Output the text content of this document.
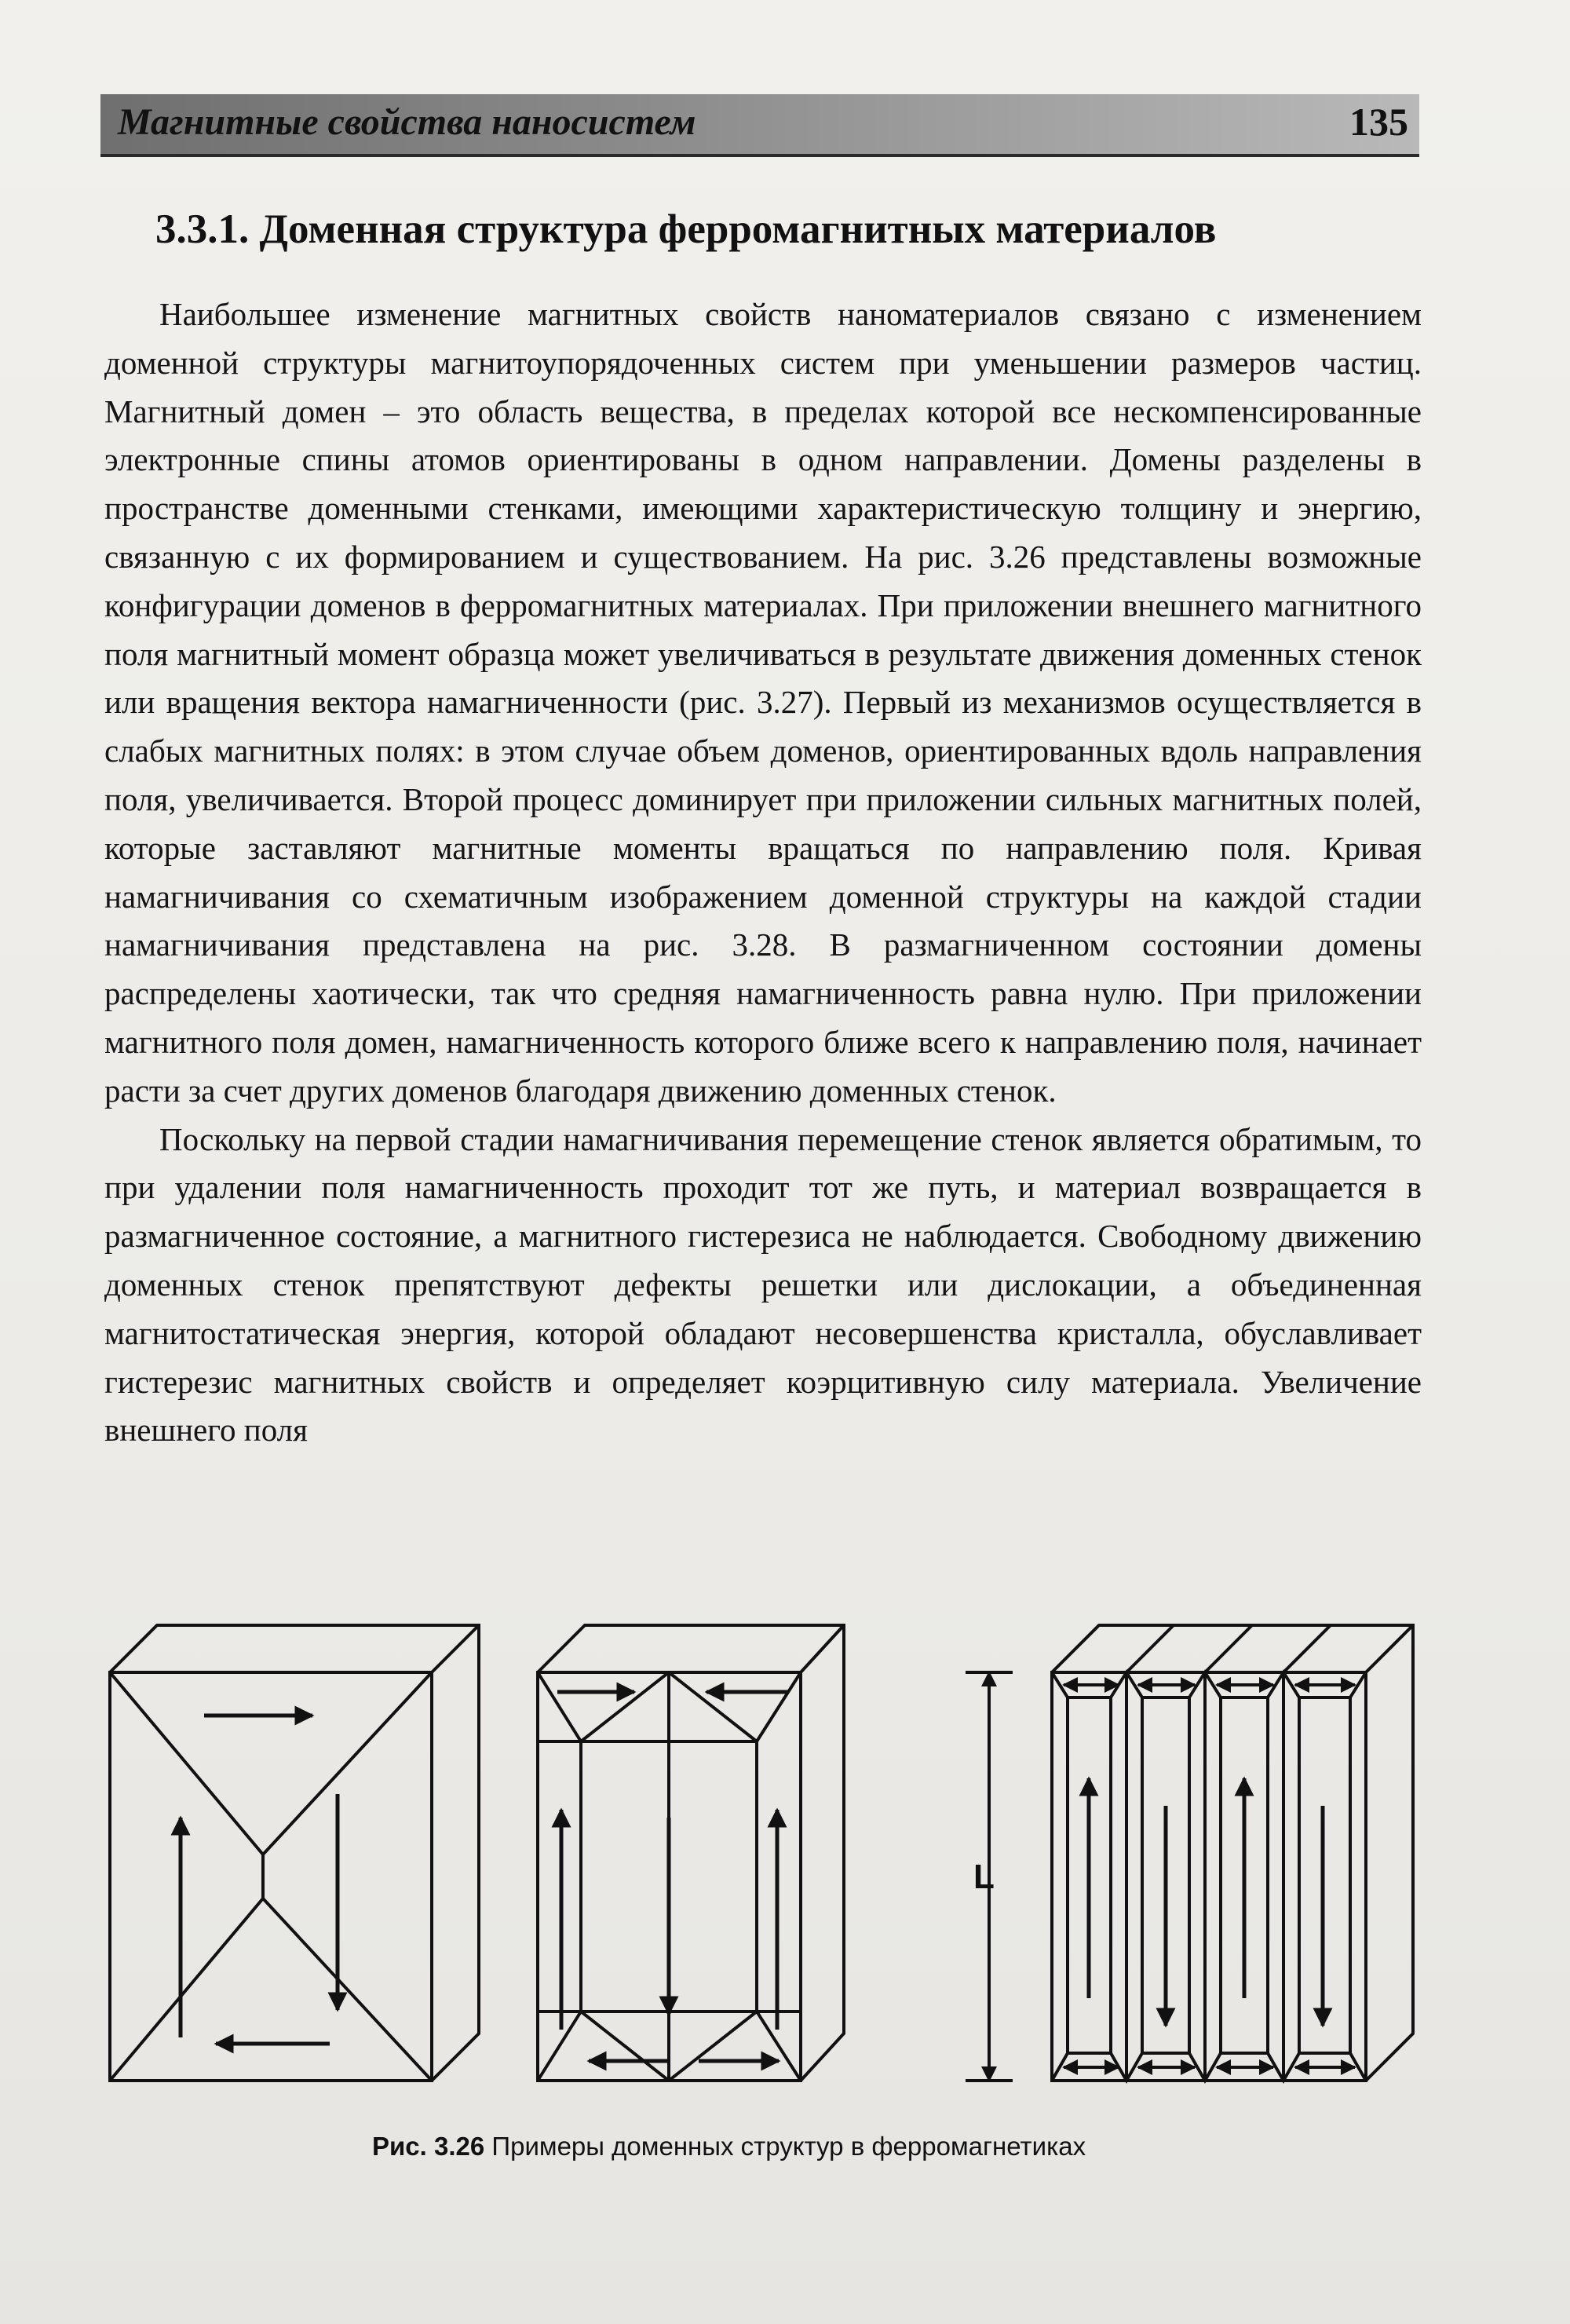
Магнитные свойства наносистем	135
3.3.1. Доменная структура ферромагнитных материалов

Наибольшее изменение магнитных свойств наноматериалов связано с изменением доменной структуры магнитоупорядоченных систем при уменьшении размеров частиц. Магнитный домен – это область вещества, в пределах которой все нескомпенсированные электронные спины атомов ориентированы в одном направлении. Домены разделены в пространстве доменными стенками, имеющими характеристическую толщину и энергию, связанную с их формированием и существованием. На рис. 3.26 представлены возможные конфигурации доменов в ферромагнитных материалах. При приложении внешнего магнитного поля магнитный момент образца может увеличиваться в результате движения доменных стенок или вращения вектора намагниченности (рис. 3.27). Первый из механизмов осуществляется в слабых магнитных полях: в этом случае объем доменов, ориентированных вдоль направления поля, увеличивается. Второй процесс доминирует при приложении сильных магнитных полей, которые заставляют магнитные моменты вращаться по направлению поля. Кривая намагничивания со схематичным изображением доменной структуры на каждой стадии намагничивания представлена на рис. 3.28. В размагниченном состоянии домены распределены хаотически, так что средняя намагниченность равна нулю. При приложении магнитного поля домен, намагниченность которого ближе всего к направлению поля, начинает расти за счет других доменов благодаря движению доменных стенок.

Поскольку на первой стадии намагничивания перемещение стенок является обратимым, то при удалении поля намагниченность проходит тот же путь, и материал возвращается в размагниченное состояние, а магнитного гистерезиса не наблюдается. Свободному движению доменных стенок препятствуют дефекты решетки или дислокации, а объединенная магнитостатическая энергия, которой обладают несовершенства кристалла, обуславливает гистерезис магнитных свойств и определяет коэрцитивную силу материала. Увеличение внешнего поля

L
Рис. 3.26 Примеры доменных структур в ферромагнетиках
